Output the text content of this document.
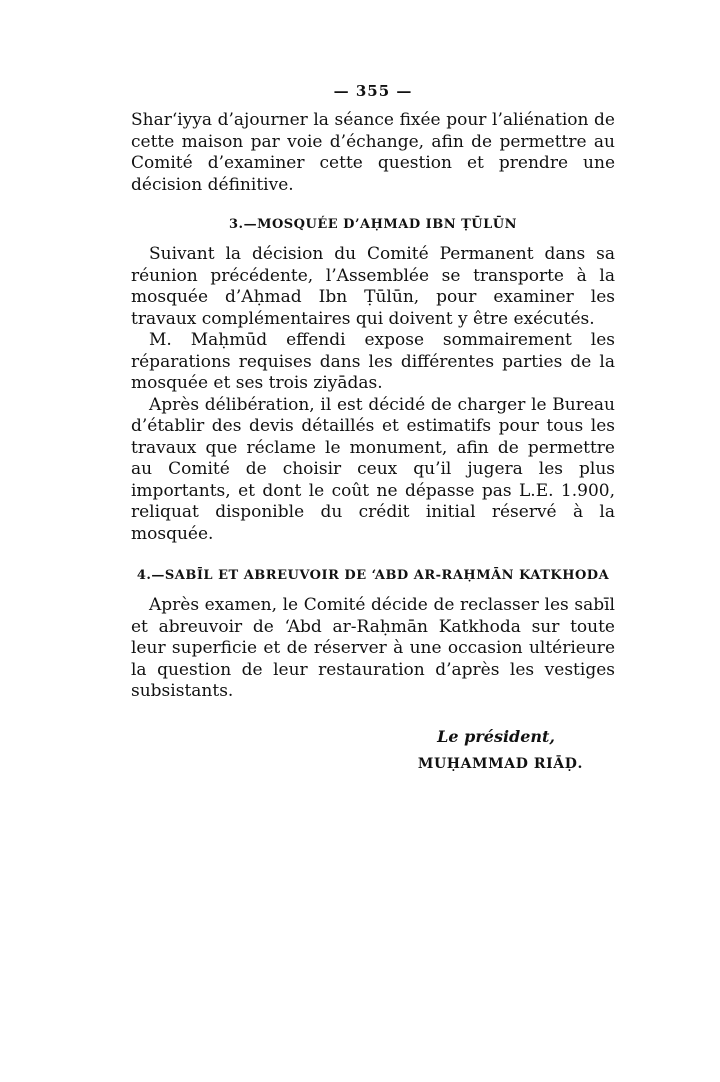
— 355 —

Shar‘iyya d’ajourner la séance fixée pour l’aliénation de cette maison par voie d’échange, afin de permettre au Comité d’examiner cette question et prendre une décision définitive.

3.—MOSQUÉE D’AḤMAD IBN ṬŪLŪN

Suivant la décision du Comité Permanent dans sa réunion précédente, l’Assemblée se transporte à la mosquée d’Aḥmad Ibn Ṭūlūn, pour examiner les travaux complémentaires qui doivent y être exécutés.

M. Maḥmūd effendi expose sommairement les réparations requises dans les différentes parties de la mosquée et ses trois ziyādas.

Après délibération, il est décidé de charger le Bureau d’établir des devis détaillés et estimatifs pour tous les travaux que réclame le monument, afin de permettre au Comité de choisir ceux qu’il jugera les plus importants, et dont le coût ne dépasse pas L.E. 1.900, reliquat disponible du crédit initial réservé à la mosquée.

4.—SABĪL ET ABREUVOIR DE ‘ABD AR-RAḤMĀN KATKHODA

Après examen, le Comité décide de reclasser les sabīl et abreuvoir de ‘Abd ar-Raḥmān Katkhoda sur toute leur superficie et de réserver à une occasion ultérieure la question de leur restauration d’après les vestiges subsistants.

Le président,
MUḤAMMAD RIĀḌ.
